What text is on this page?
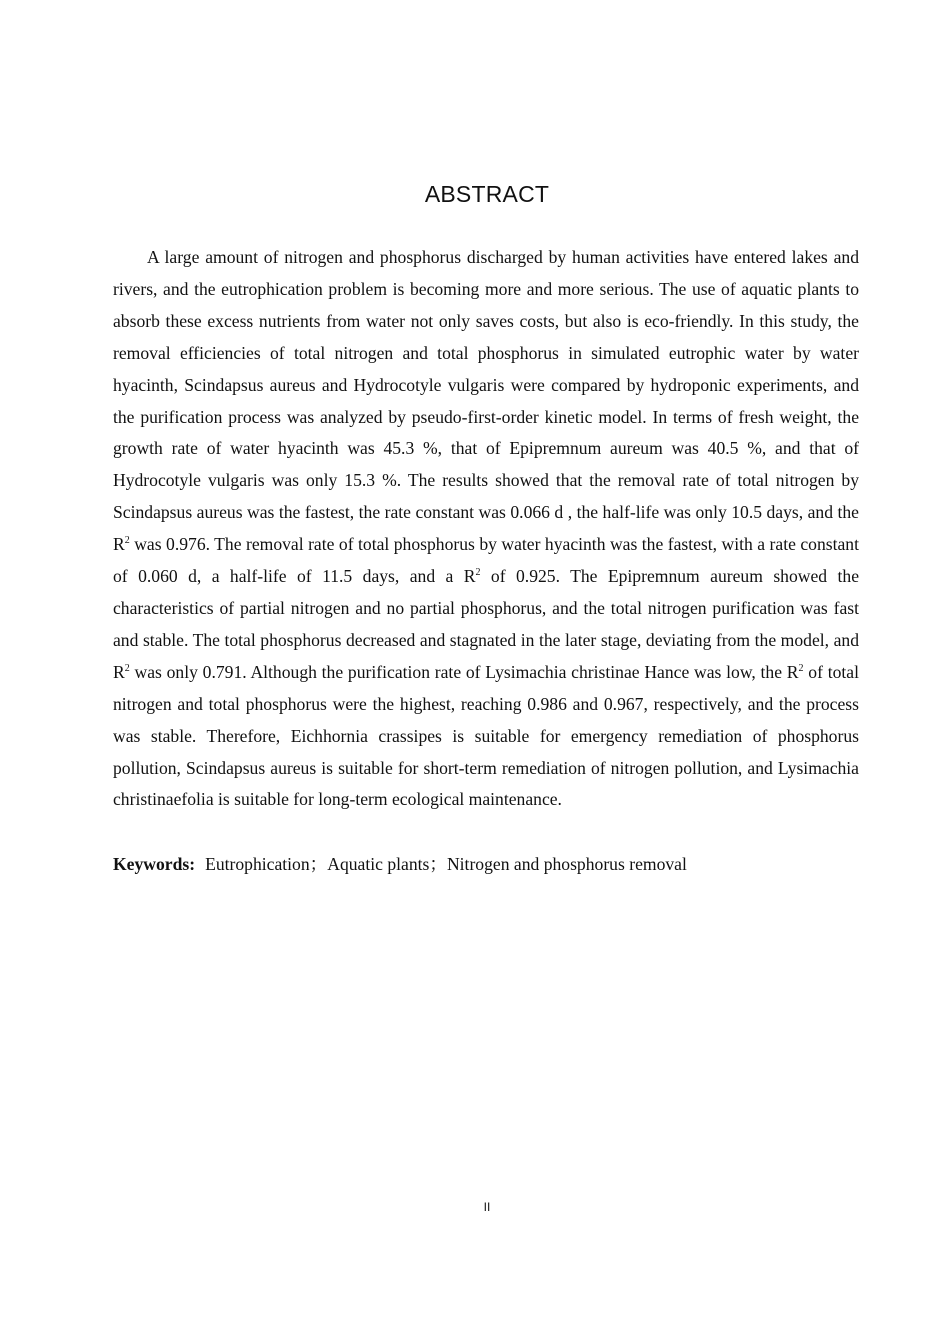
ABSTRACT

A large amount of nitrogen and phosphorus discharged by human activities have entered lakes and rivers, and the eutrophication problem is becoming more and more serious. The use of aquatic plants to absorb these excess nutrients from water not only saves costs, but also is eco-friendly. In this study, the removal efficiencies of total nitrogen and total phosphorus in simulated eutrophic water by water hyacinth, Scindapsus aureus and Hydrocotyle vulgaris were compared by hydroponic experiments, and the purification process was analyzed by pseudo-first-order kinetic model. In terms of fresh weight, the growth rate of water hyacinth was 45.3 %, that of Epipremnum aureum was 40.5 %, and that of Hydrocotyle vulgaris was only 15.3 %. The results showed that the removal rate of total nitrogen by Scindapsus aureus was the fastest, the rate constant was 0.066 d , the half-life was only 10.5 days, and the $R^2$ was 0.976. The removal rate of total phosphorus by water hyacinth was the fastest, with a rate constant of 0.060 d, a half-life of 11.5 days, and a $R^2$ of 0.925. The Epipremnum aureum showed the characteristics of partial nitrogen and no partial phosphorus, and the total nitrogen purification was fast and stable. The total phosphorus decreased and stagnated in the later stage, deviating from the model, and $R^2$ was only 0.791. Although the purification rate of Lysimachia christinae Hance was low, the $R^2$ of total nitrogen and total phosphorus were the highest, reaching 0.986 and 0.967, respectively, and the process was stable. Therefore, Eichhornia crassipes is suitable for emergency remediation of phosphorus pollution, Scindapsus aureus is suitable for short-term remediation of nitrogen pollution, and Lysimachia christinaefolia is suitable for long-term ecological maintenance.

Keywords: Eutrophication；Aquatic plants；Nitrogen and phosphorus removal

II
